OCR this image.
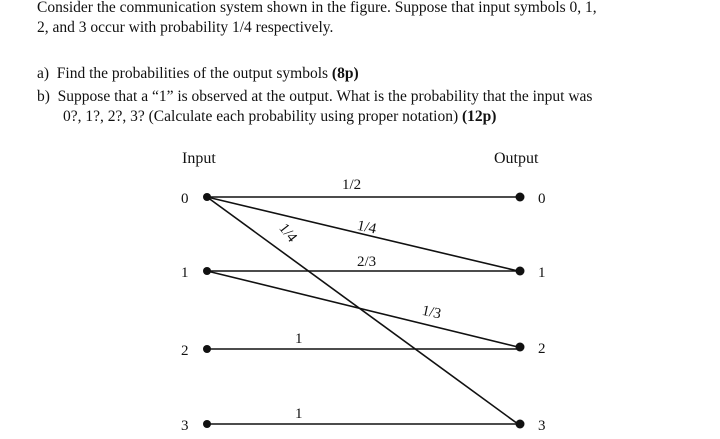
Consider the communication system shown in the figure. Suppose that input symbols 0, 1,
2, and 3 occur with probability 1/4 respectively.
a) Find the probabilities of the output symbols (8p)
b) Suppose that a “1” is observed at the output. What is the probability that the input was
0?, 1?, 2?, 3? (Calculate each probability using proper notation) (12p)
Input	Output
0
1
2
3
0
1
2
3
1/2
1/4
1/4
2/3
1/3
1
1
